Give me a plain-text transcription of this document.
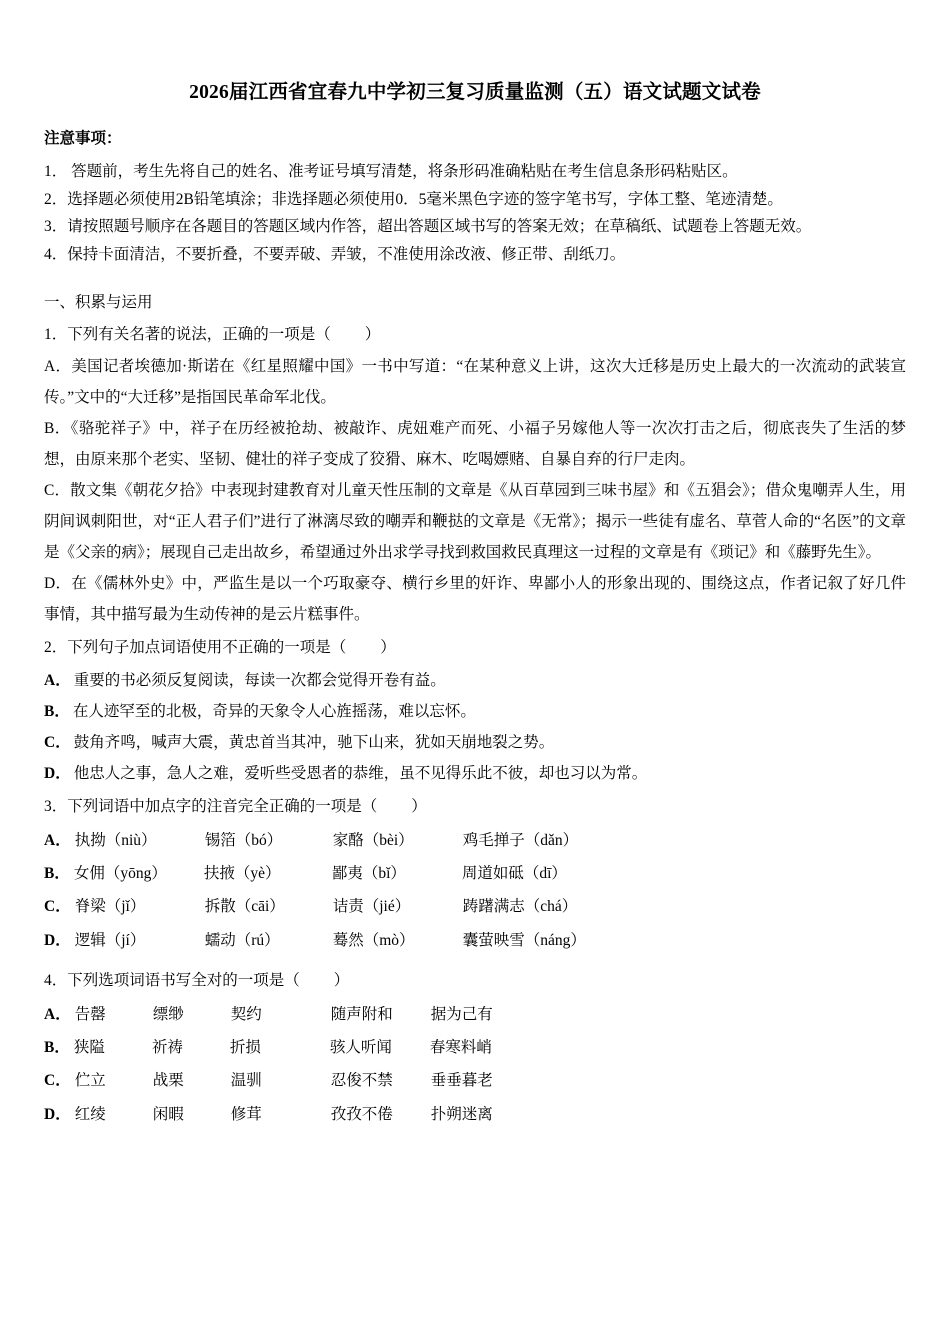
2026届江西省宜春九中学初三复习质量监测（五）语文试题文试卷
注意事项：

1． 答题前，考生先将自己的姓名、准考证号填写清楚，将条形码准确粘贴在考生信息条形码粘贴区。

2．选择题必须使用2B铅笔填涂；非选择题必须使用0．5毫米黑色字迹的签字笔书写，字体工整、笔迹清楚。

3．请按照题号顺序在各题目的答题区域内作答，超出答题区域书写的答案无效；在草稿纸、试题卷上答题无效。

4．保持卡面清洁，不要折叠，不要弄破、弄皱，不准使用涂改液、修正带、刮纸刀。

一、积累与运用

1．下列有关名著的说法，正确的一项是（ ）

A．美国记者埃德加·斯诺在《红星照耀中国》一书中写道：“在某种意义上讲，这次大迁移是历史上最大的一次流动的武装宣传。”文中的“大迁移”是指国民革命军北伐。

B．《骆驼祥子》中，祥子在历经被抢劫、被敲诈、虎妞难产而死、小福子另嫁他人等一次次打击之后，彻底丧失了生活的梦想，由原来那个老实、坚韧、健壮的祥子变成了狡猾、麻木、吃喝嫖赌、自暴自弃的行尸走肉。

C．散文集《朝花夕拾》中表现封建教育对儿童天性压制的文章是《从百草园到三味书屋》和《五猖会》；借众鬼嘲弄人生，用阴间讽刺阳世，对“正人君子们”进行了淋漓尽致的嘲弄和鞭挞的文章是《无常》；揭示一些徒有虚名、草菅人命的“名医”的文章是《父亲的病》；展现自己走出故乡，希望通过外出求学寻找到救国救民真理这一过程的文章是有《琐记》和《藤野先生》。

D．在《儒林外史》中，严监生是以一个巧取豪夺、横行乡里的奸诈、卑鄙小人的形象出现的、围绕这点，作者记叙了好几件事情，其中描写最为生动传神的是云片糕事件。

2．下列句子加点词语使用不正确的一项是（ ）

A． 重要的书必须反复阅读，每读一次都会觉得开卷有益。

B． 在人迹罕至的北极，奇异的天象令人心旌摇荡，难以忘怀。

C． 鼓角齐鸣，喊声大震，黄忠首当其冲，驰下山来，犹如天崩地裂之势。

D． 他忠人之事，急人之难，爱听些受恩者的恭维，虽不见得乐此不彼，却也习以为常。

3．下列词语中加点字的注音完全正确的一项是（ ）

A． 执拗（niù）	锡箔（bó）	家酪（bèi）	鸡毛掸子（dǎn）

B． 女佣（yōng） 扶掖（yè）	鄙夷（bǐ）	周道如砥（dī）

C． 脊梁（jǐ）	拆散（cāi）	诘责（jié）	踌躇满志（chá）

D． 逻辑（jí）	蠕动（rú）	蓦然（mò）	囊萤映雪（náng）

4．下列选项词语书写全对的一项是（ ）

A． 告罄	缥缈	契约	随声附和 据为己有

B． 狭隘	祈祷	折损	骇人听闻 春寒料峭

C． 伫立	战栗	温驯	忍俊不禁 垂垂暮老

D． 红绫	闲暇	修茸	孜孜不倦 扑朔迷离
